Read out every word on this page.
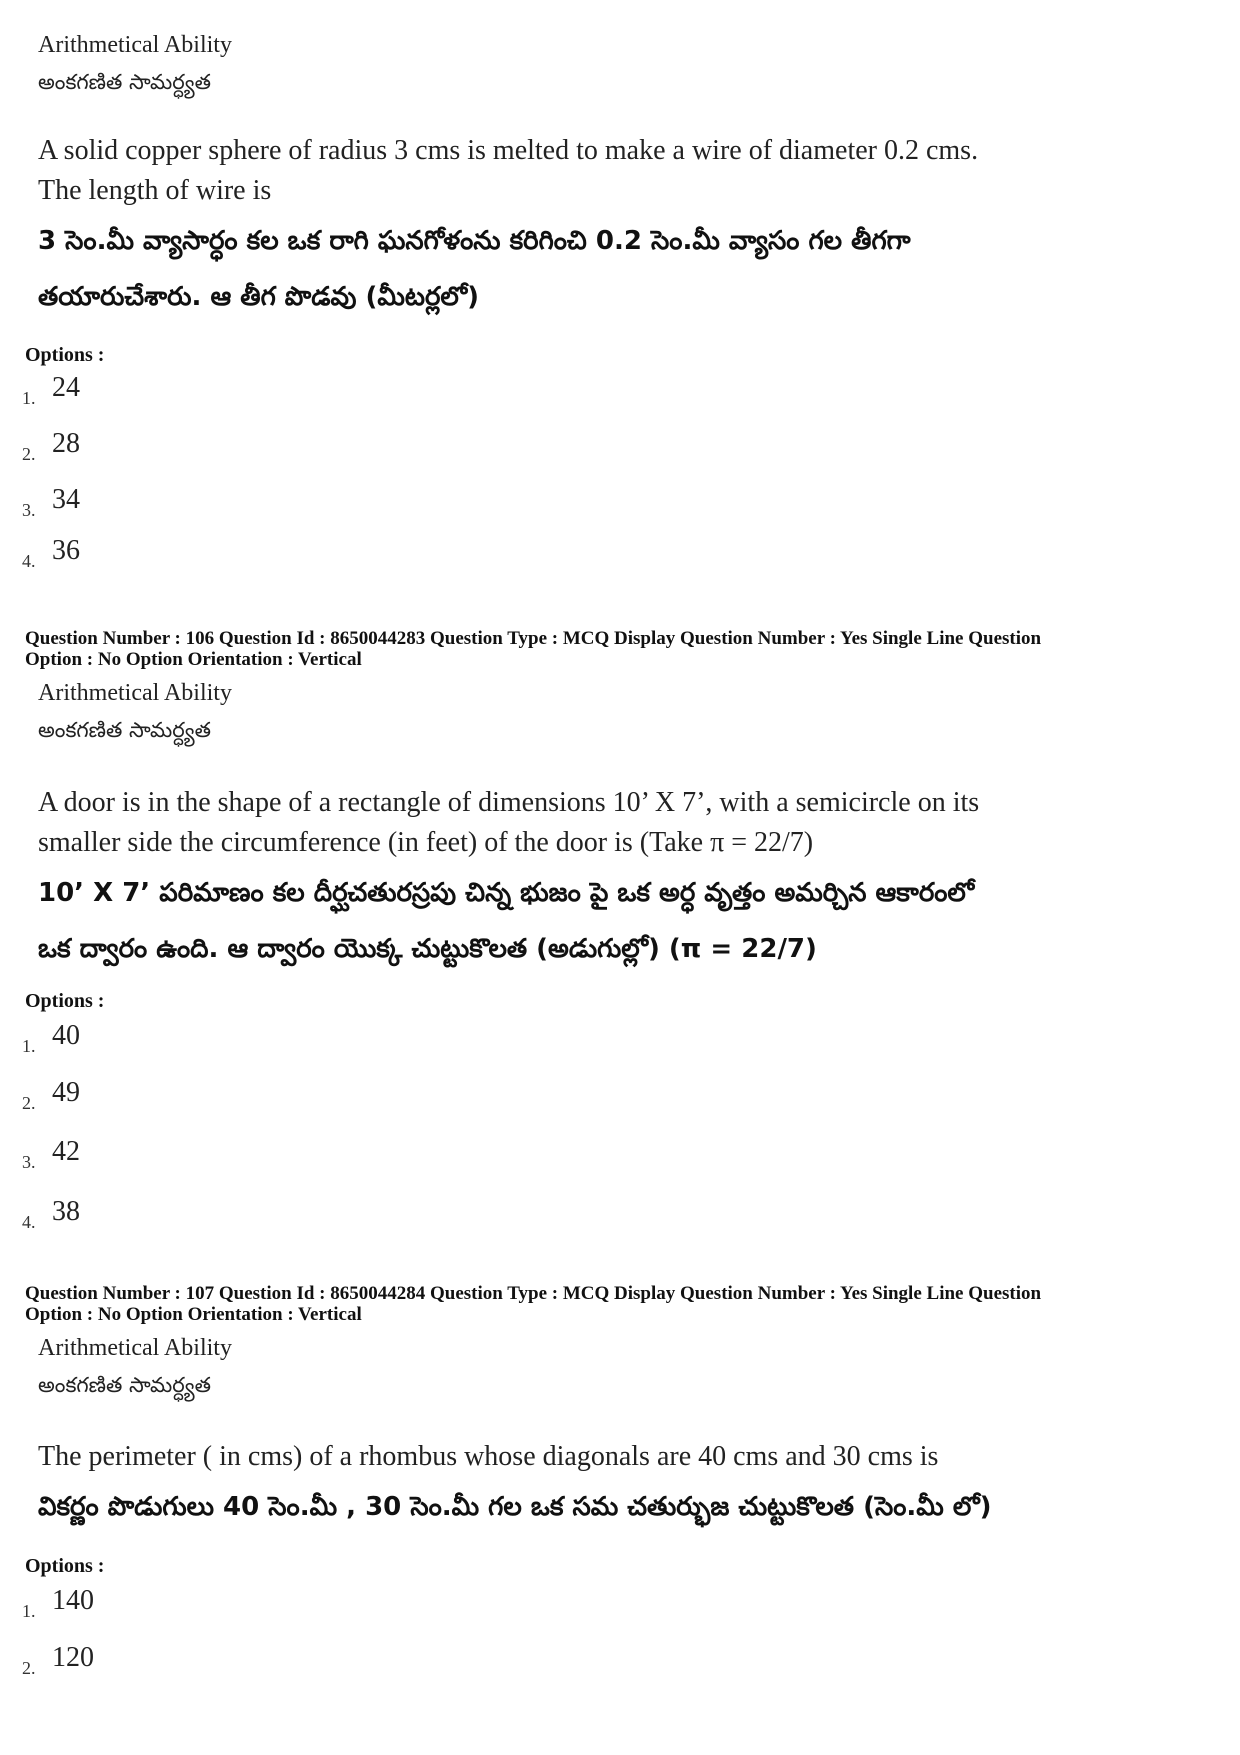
Arithmetical Ability
అంకగణిత సామర్ధ్యత
A solid copper sphere of radius 3 cms is melted to make a wire of diameter 0.2 cms.
The length of wire is
3 సెం.మీ వ్యాసార్ధం కల ఒక రాగి ఘనగోళంను కరిగించి 0.2 సెం.మీ వ్యాసం గల తీగగా
తయారుచేశారు. ఆ తీగ పొడవు (మీటర్లలో)
Options :
1. 24
2. 28
3. 34
4. 36
Question Number : 106 Question Id : 8650044283 Question Type : MCQ Display Question Number : Yes Single Line Question
Option : No Option Orientation : Vertical
Arithmetical Ability
అంకగణిత సామర్ధ్యత
A door is in the shape of a rectangle of dimensions 10’ X 7’, with a semicircle on its
smaller side the circumference (in feet) of the door is (Take π = 22/7)
10’ X 7’ పరిమాణం కల దీర్ఘచతురస్రపు చిన్న భుజం పై ఒక అర్ధ వృత్తం అమర్చిన ఆకారంలో
ఒక ద్వారం ఉంది. ఆ ద్వారం యొక్క చుట్టుకొలత (అడుగుల్లో) (π = 22/7)
Options :
1. 40
2. 49
3. 42
4. 38
Question Number : 107 Question Id : 8650044284 Question Type : MCQ Display Question Number : Yes Single Line Question
Option : No Option Orientation : Vertical
Arithmetical Ability
అంకగణిత సామర్ధ్యత
The perimeter ( in cms) of a rhombus whose diagonals are 40 cms and 30 cms is
వికర్ణం పొడుగులు 40 సెం.మీ , 30 సెం.మీ గల ఒక సమ చతుర్భుజ చుట్టుకొలత (సెం.మీ లో)
Options :
1. 140
2. 120
